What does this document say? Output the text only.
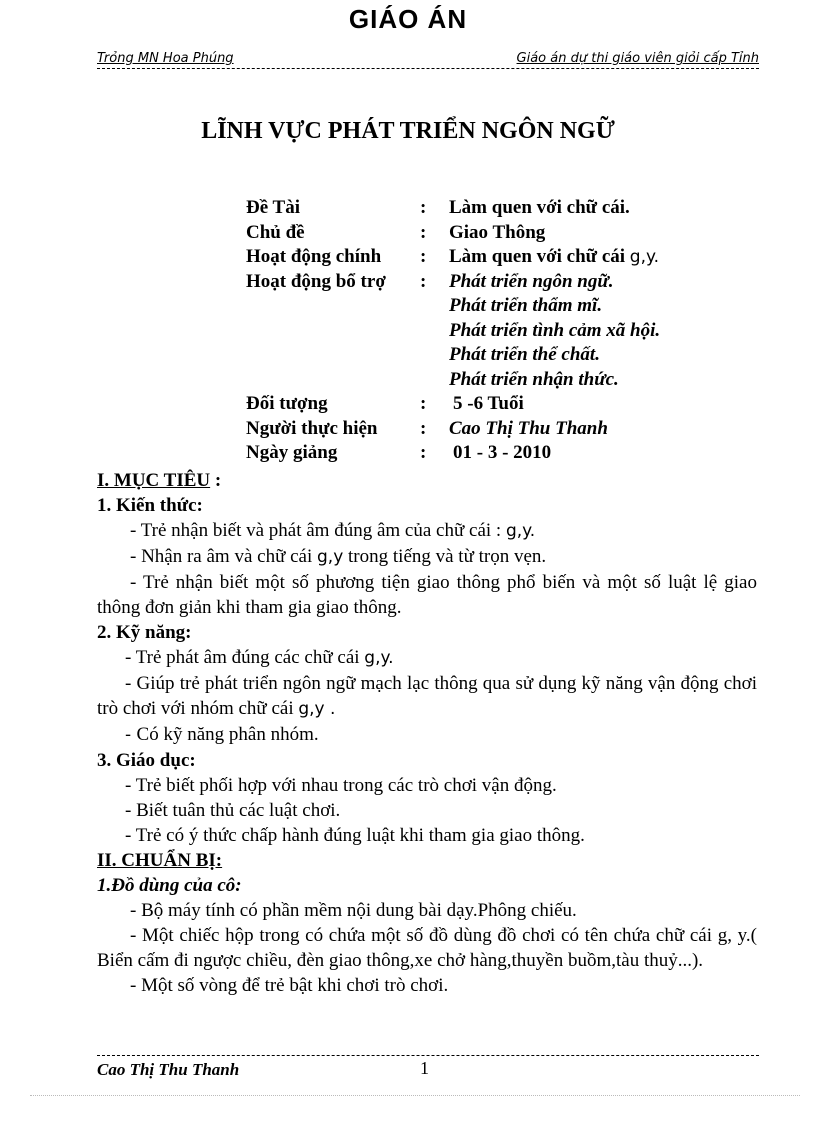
Trỏng MN Hoa Phúng	Giáo án dự thi giáo viên giỏi cấp Tỉnh
GIÁO ÁN
LĨNH VỰC PHÁT TRIỂN NGÔN NGỮ
Đề Tài	: Làm quen với chữ cái.
Chủ đề	: Giao Thông
Hoạt động chính : Làm quen với chữ cái g,y.
Hoạt động bổ trợ : Phát triển ngôn ngữ.
Phát triển thẩm mĩ.
Phát triển tình cảm xã hội.
Phát triển thể chất.
Phát triển nhận thức.
Đối tượng	: 5 -6 Tuổi
Người thực hiện : Cao Thị Thu Thanh
Ngày giảng	: 01 - 3 - 2010

I. MỤC TIÊU :

1. Kiến thức:

- Trẻ nhận biết và phát âm đúng âm của chữ cái : g,y.

- Nhận ra âm và chữ cái g,y trong tiếng và từ trọn vẹn.

- Trẻ nhận biết một số phương tiện giao thông phổ biến và một số luật lệ giao thông đơn giản khi tham gia giao thông.

2. Kỹ năng:

- Trẻ phát âm đúng các chữ cái g,y.

- Giúp trẻ phát triển ngôn ngữ mạch lạc thông qua sử dụng kỹ năng vận động chơi trò chơi với nhóm chữ cái g,y .

- Có kỹ năng phân nhóm.

3. Giáo dục:

- Trẻ biết phối hợp với nhau trong các trò chơi vận động.

- Biết tuân thủ các luật chơi.

- Trẻ có ý thức chấp hành đúng luật khi tham gia giao thông.

II. CHUẨN BỊ:

1.Đồ dùng của cô:

- Bộ máy tính có phần mềm nội dung bài dạy.Phông chiếu.

- Một chiếc hộp trong có chứa một số đồ dùng đồ chơi có tên chứa chữ cái g, y.( Biển cấm đi ngược chiều, đèn giao thông,xe chở hàng,thuyền buồm,tàu thuỷ...).

- Một số vòng để trẻ bật khi chơi trò chơi.

Cao Thị Thu Thanh	1
